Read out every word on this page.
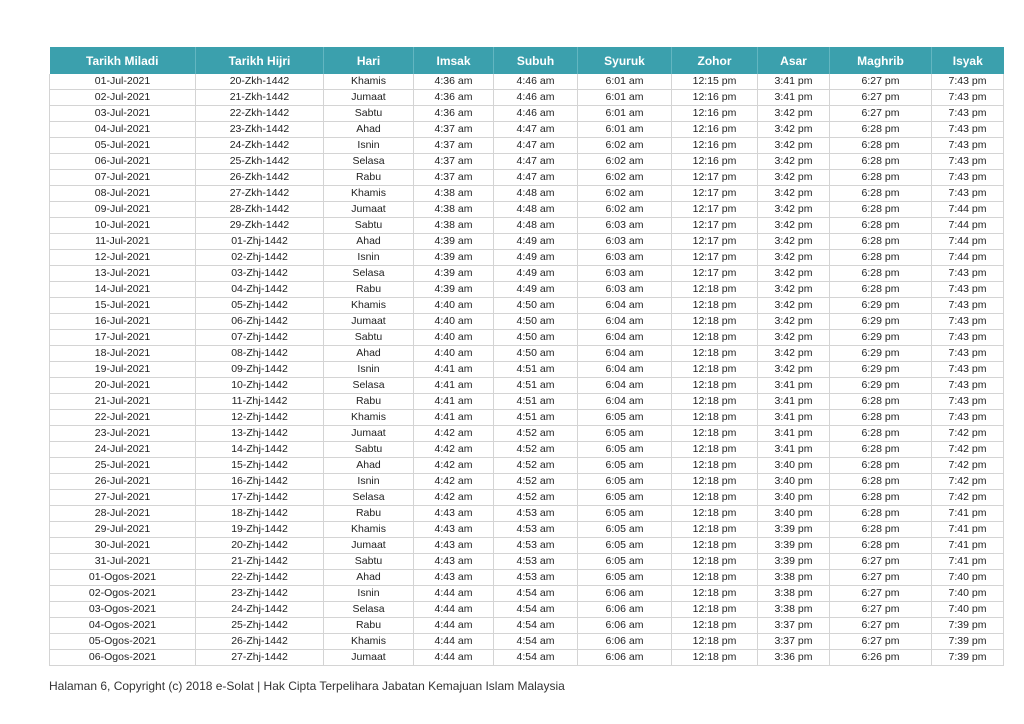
Tarikh Miladi	Tarikh Hijri	Hari	Imsak	Subuh	Syuruk	Zohor	Asar	Maghrib	Isyak
01-Jul-2021	20-Zkh-1442	Khamis	4:36 am	4:46 am	6:01 am	12:15 pm	3:41 pm	6:27 pm	7:43 pm
02-Jul-2021	21-Zkh-1442	Jumaat	4:36 am	4:46 am	6:01 am	12:16 pm	3:41 pm	6:27 pm	7:43 pm
03-Jul-2021	22-Zkh-1442	Sabtu	4:36 am	4:46 am	6:01 am	12:16 pm	3:42 pm	6:27 pm	7:43 pm
04-Jul-2021	23-Zkh-1442	Ahad	4:37 am	4:47 am	6:01 am	12:16 pm	3:42 pm	6:28 pm	7:43 pm
05-Jul-2021	24-Zkh-1442	Isnin	4:37 am	4:47 am	6:02 am	12:16 pm	3:42 pm	6:28 pm	7:43 pm
06-Jul-2021	25-Zkh-1442	Selasa	4:37 am	4:47 am	6:02 am	12:16 pm	3:42 pm	6:28 pm	7:43 pm
07-Jul-2021	26-Zkh-1442	Rabu	4:37 am	4:47 am	6:02 am	12:17 pm	3:42 pm	6:28 pm	7:43 pm
08-Jul-2021	27-Zkh-1442	Khamis	4:38 am	4:48 am	6:02 am	12:17 pm	3:42 pm	6:28 pm	7:43 pm
09-Jul-2021	28-Zkh-1442	Jumaat	4:38 am	4:48 am	6:02 am	12:17 pm	3:42 pm	6:28 pm	7:44 pm
10-Jul-2021	29-Zkh-1442	Sabtu	4:38 am	4:48 am	6:03 am	12:17 pm	3:42 pm	6:28 pm	7:44 pm
11-Jul-2021	01-Zhj-1442	Ahad	4:39 am	4:49 am	6:03 am	12:17 pm	3:42 pm	6:28 pm	7:44 pm
12-Jul-2021	02-Zhj-1442	Isnin	4:39 am	4:49 am	6:03 am	12:17 pm	3:42 pm	6:28 pm	7:44 pm
13-Jul-2021	03-Zhj-1442	Selasa	4:39 am	4:49 am	6:03 am	12:17 pm	3:42 pm	6:28 pm	7:43 pm
14-Jul-2021	04-Zhj-1442	Rabu	4:39 am	4:49 am	6:03 am	12:18 pm	3:42 pm	6:28 pm	7:43 pm
15-Jul-2021	05-Zhj-1442	Khamis	4:40 am	4:50 am	6:04 am	12:18 pm	3:42 pm	6:29 pm	7:43 pm
16-Jul-2021	06-Zhj-1442	Jumaat	4:40 am	4:50 am	6:04 am	12:18 pm	3:42 pm	6:29 pm	7:43 pm
17-Jul-2021	07-Zhj-1442	Sabtu	4:40 am	4:50 am	6:04 am	12:18 pm	3:42 pm	6:29 pm	7:43 pm
18-Jul-2021	08-Zhj-1442	Ahad	4:40 am	4:50 am	6:04 am	12:18 pm	3:42 pm	6:29 pm	7:43 pm
19-Jul-2021	09-Zhj-1442	Isnin	4:41 am	4:51 am	6:04 am	12:18 pm	3:42 pm	6:29 pm	7:43 pm
20-Jul-2021	10-Zhj-1442	Selasa	4:41 am	4:51 am	6:04 am	12:18 pm	3:41 pm	6:29 pm	7:43 pm
21-Jul-2021	11-Zhj-1442	Rabu	4:41 am	4:51 am	6:04 am	12:18 pm	3:41 pm	6:28 pm	7:43 pm
22-Jul-2021	12-Zhj-1442	Khamis	4:41 am	4:51 am	6:05 am	12:18 pm	3:41 pm	6:28 pm	7:43 pm
23-Jul-2021	13-Zhj-1442	Jumaat	4:42 am	4:52 am	6:05 am	12:18 pm	3:41 pm	6:28 pm	7:42 pm
24-Jul-2021	14-Zhj-1442	Sabtu	4:42 am	4:52 am	6:05 am	12:18 pm	3:41 pm	6:28 pm	7:42 pm
25-Jul-2021	15-Zhj-1442	Ahad	4:42 am	4:52 am	6:05 am	12:18 pm	3:40 pm	6:28 pm	7:42 pm
26-Jul-2021	16-Zhj-1442	Isnin	4:42 am	4:52 am	6:05 am	12:18 pm	3:40 pm	6:28 pm	7:42 pm
27-Jul-2021	17-Zhj-1442	Selasa	4:42 am	4:52 am	6:05 am	12:18 pm	3:40 pm	6:28 pm	7:42 pm
28-Jul-2021	18-Zhj-1442	Rabu	4:43 am	4:53 am	6:05 am	12:18 pm	3:40 pm	6:28 pm	7:41 pm
29-Jul-2021	19-Zhj-1442	Khamis	4:43 am	4:53 am	6:05 am	12:18 pm	3:39 pm	6:28 pm	7:41 pm
30-Jul-2021	20-Zhj-1442	Jumaat	4:43 am	4:53 am	6:05 am	12:18 pm	3:39 pm	6:28 pm	7:41 pm
31-Jul-2021	21-Zhj-1442	Sabtu	4:43 am	4:53 am	6:05 am	12:18 pm	3:39 pm	6:27 pm	7:41 pm
01-Ogos-2021	22-Zhj-1442	Ahad	4:43 am	4:53 am	6:05 am	12:18 pm	3:38 pm	6:27 pm	7:40 pm
02-Ogos-2021	23-Zhj-1442	Isnin	4:44 am	4:54 am	6:06 am	12:18 pm	3:38 pm	6:27 pm	7:40 pm
03-Ogos-2021	24-Zhj-1442	Selasa	4:44 am	4:54 am	6:06 am	12:18 pm	3:38 pm	6:27 pm	7:40 pm
04-Ogos-2021	25-Zhj-1442	Rabu	4:44 am	4:54 am	6:06 am	12:18 pm	3:37 pm	6:27 pm	7:39 pm
05-Ogos-2021	26-Zhj-1442	Khamis	4:44 am	4:54 am	6:06 am	12:18 pm	3:37 pm	6:27 pm	7:39 pm
06-Ogos-2021	27-Zhj-1442	Jumaat	4:44 am	4:54 am	6:06 am	12:18 pm	3:36 pm	6:26 pm	7:39 pm
Halaman 6, Copyright (c) 2018 e-Solat | Hak Cipta Terpelihara Jabatan Kemajuan Islam Malaysia
